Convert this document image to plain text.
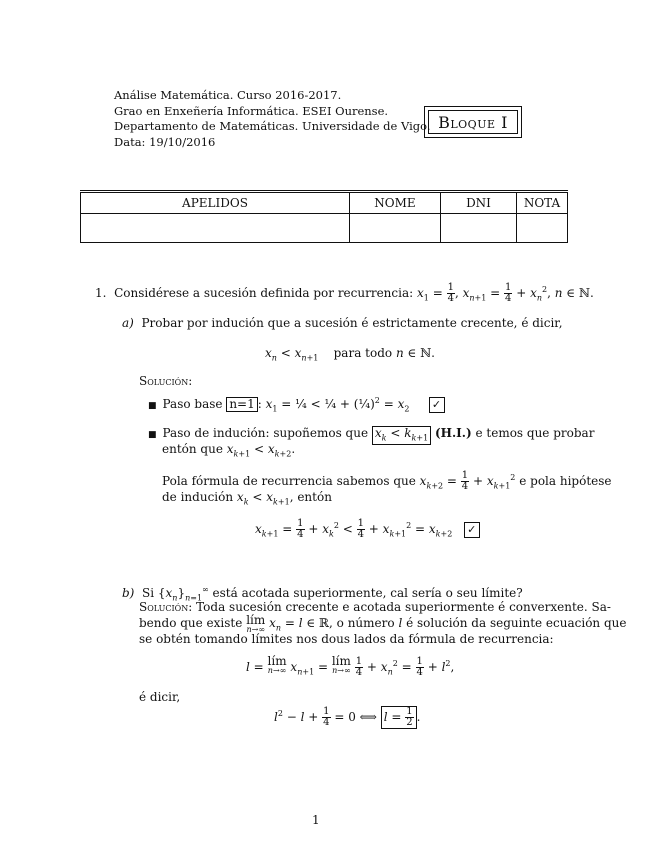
Análise Matemática. Curso 2016-2017.
Grao en Enxeñería Informática. ESEI Ourense.
Departamento de Matemáticas. Universidade de Vigo.
Data: 19/10/2016
Bloque I
APELIDOS	NOME	DNI	NOTA

1. Considérese a sucesión definida por recurrencia: $x_1 = \frac{1}{4}$ , $x_{n+1} = \frac{1}{4} + x_n^2$, n ∈ ℕ.
a) Probar por indución que a sucesión é estrictamente crecente, é dicir,
$x_n < x_{n+1}$ para todo n ∈ ℕ.
Solución:
■ Paso base n=1 : $x_1$ = ¼ < ¼ + (¼)$^2$ = $x_2$ ✓
■ Paso de indución: supoñemos que $x_k < k_{k+1}$ (H.I.) e temos que probar
entón que $x_{k+1} < x_{k+2}$.
Pola fórmula de recurrencia sabemos que $x_{k+2} = \frac{1}{4} + x_{k+1}^2$ e pola hipótese
de indución $x_k < x_{k+1}$, entón
$x_{k+1} = \frac{1}{4} + x_k^2 < \frac{1}{4} + x_{k+1}^2 = x_{k+2}$ ✓
b)  Si $\{x_n\}_{n=1}^\infty$ está acotada superiormente, cal sería o seu límite?
Solución: Toda sucesión crecente e acotada superiormente é converxente. Sa-
bendo que existe lím
n→∞ $x_n = l$ ∈ ℝ, o número l é solución da seguinte ecuación que
se obtén tomando límites nos dous lados da fórmula de recurrencia:
l = lím
n→∞ $x_{n+1}$ = lím
n→∞
$\frac{1}{4} + x_n^2 = \frac{1}{4} + l^2$,
é dicir,
$l^2 - l + \frac{1}{4} = 0$ ⟺ $l = \frac{1}{2}$ .
1
